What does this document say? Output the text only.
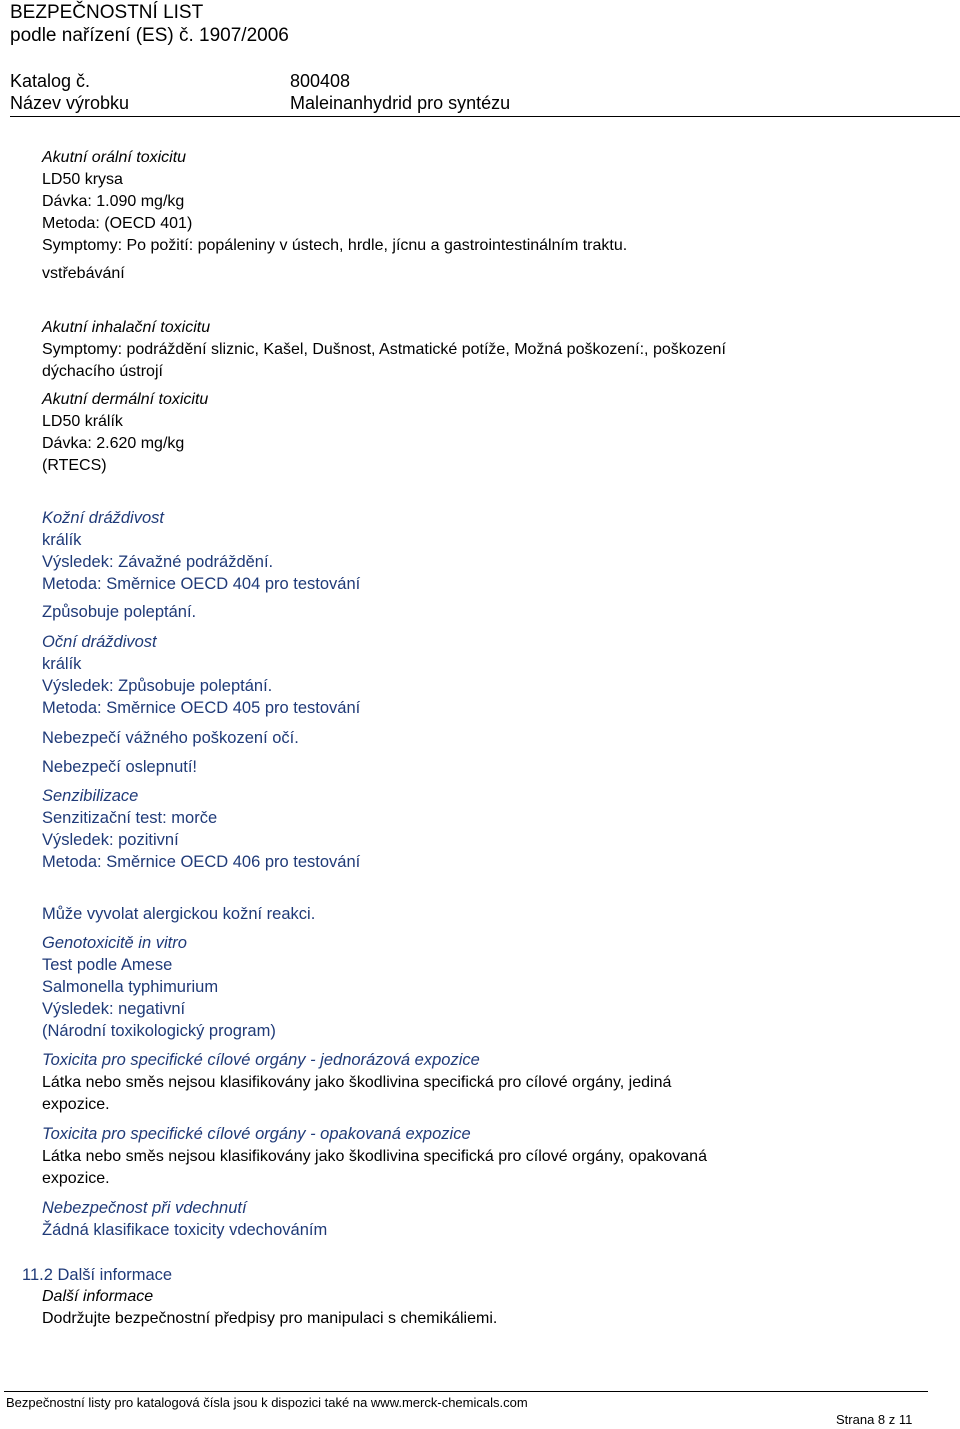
BEZPEČNOSTNÍ LIST
podle nařízení (ES) č. 1907/2006
Katalog č.	800408
Název výrobku	Maleinanhydrid pro syntézu
Akutní orální toxicitu
LD50 krysa
Dávka: 1.090 mg/kg
Metoda: (OECD 401)
Symptomy: Po požití: popáleniny v ústech, hrdle, jícnu a gastrointestinálním traktu.
vstřebávání
Akutní inhalační toxicitu
Symptomy: podráždění sliznic, Kašel, Dušnost, Astmatické potíže, Možná poškození:, poškození
dýchacího ústrojí
Akutní dermální toxicitu
LD50 králík
Dávka: 2.620 mg/kg
(RTECS)
Kožní dráždivost
králík
Výsledek: Závažné podráždění.
Metoda: Směrnice OECD 404 pro testování
Způsobuje poleptání.
Oční dráždivost
králík
Výsledek: Způsobuje poleptání.
Metoda: Směrnice OECD 405 pro testování
Nebezpečí vážného poškození očí.
Nebezpečí oslepnutí!
Senzibilizace
Senzitizační test: morče
Výsledek: pozitivní
Metoda: Směrnice OECD 406 pro testování
Může vyvolat alergickou kožní reakci.
Genotoxicitě in vitro
Test podle Amese
Salmonella typhimurium
Výsledek: negativní
(Národní toxikologický program)
Toxicita pro specifické cílové orgány - jednorázová expozice
Látka nebo směs nejsou klasifikovány jako škodlivina specifická pro cílové orgány, jediná
expozice.
Toxicita pro specifické cílové orgány - opakovaná expozice
Látka nebo směs nejsou klasifikovány jako škodlivina specifická pro cílové orgány, opakovaná
expozice.
Nebezpečnost při vdechnutí
Žádná klasifikace toxicity vdechováním
11.2 Další informace
Další informace
Dodržujte bezpečnostní předpisy pro manipulaci s chemikáliemi.
Bezpečnostní listy pro katalogová čísla jsou k dispozici také na www.merck-chemicals.com
Strana 8 z 11
